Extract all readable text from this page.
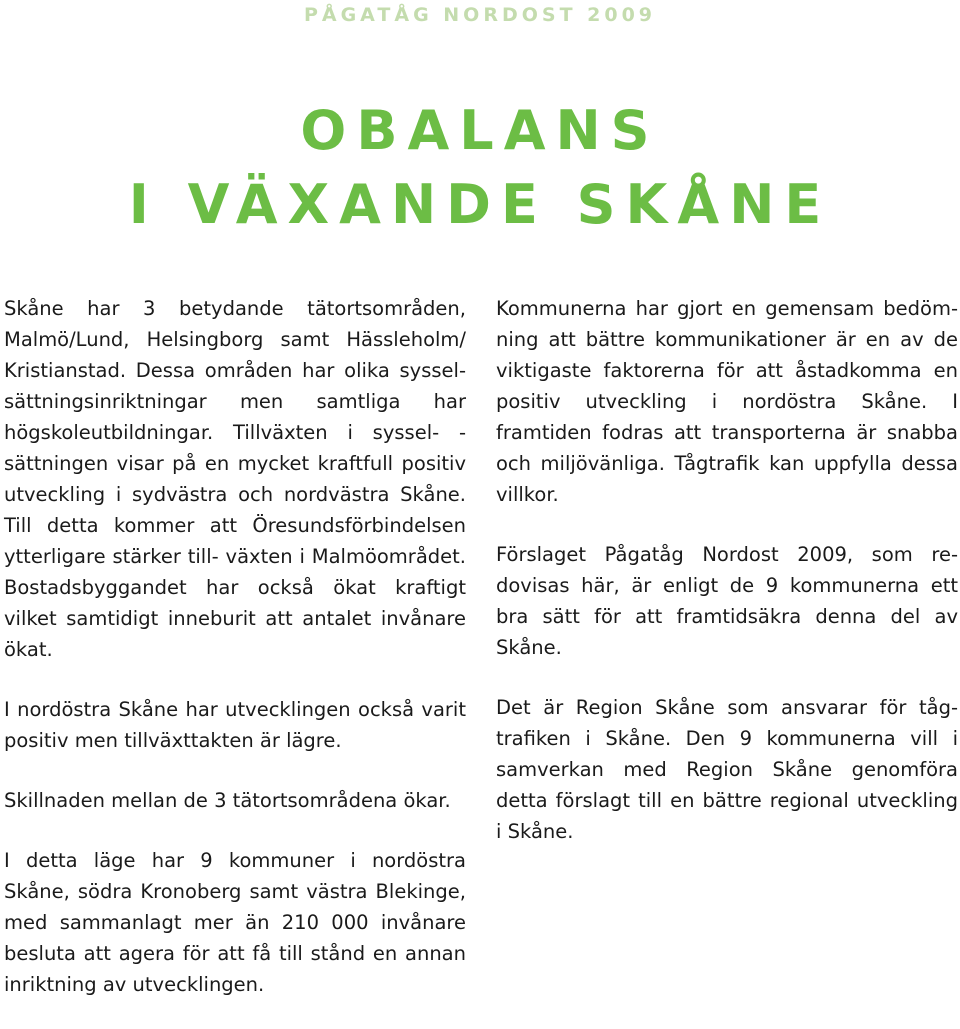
PÅGATÅG NORDOST 2009
OBALANS
I VÄXANDE SKÅNE

Skåne har 3 betydande tätortsområden, Malmö/Lund, Helsingborg samt Hässleholm/ Kristianstad. Dessa områden har olika sysselsättningsinriktningar men samtliga har högskoleutbildningar. Tillväxten i syssel- - sättningen visar på en mycket kraftfull positiv utveckling i sydvästra och nordvästra Skåne. Till detta kommer att Öresundsförbindelsen ytterligare stärker till- växten i Malmöområdet. Bostadsbyggandet har också ökat kraftigt vilket samtidigt inneburit att antalet invånare ökat.

I nordöstra Skåne har utvecklingen också varit positiv men tillväxttakten är lägre.

Skillnaden mellan de 3 tätortsområdena ökar.

I detta läge har 9 kommuner i nordöstra Skåne, södra Kronoberg samt västra Blekinge, med sammanlagt mer än 210 000 invånare besluta att agera för att få till stånd en annan inriktning av utvecklingen.

Kommunerna har gjort en gemensam bedömning att bättre kommunikationer är en av de viktigaste faktorerna för att åstadkomma en positiv utveckling i nordöstra Skåne. I framtiden fodras att transporterna är snabba och miljövänliga. Tågtrafik kan uppfylla dessa villkor.

Förslaget Pågatåg Nordost 2009, som redovisas här, är enligt de 9 kommunerna ett bra sätt för att framtidsäkra denna del av Skåne.

Det är Region Skåne som ansvarar för tågtrafiken i Skåne. Den 9 kommunerna vill i samverkan med Region Skåne genomföra detta förslagt till en bättre regional utveckling i Skåne.
